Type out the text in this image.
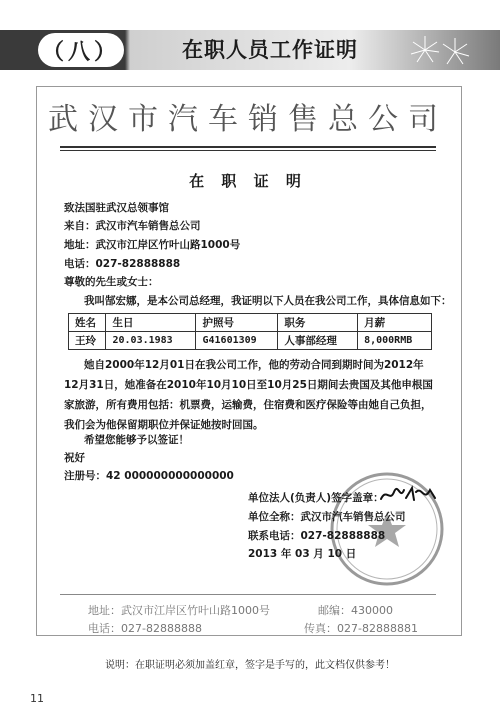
（八）	在职人员工作证明
武汉市汽车销售总公司
在 职 证 明
致法国驻武汉总领事馆
来自：武汉市汽车销售总公司
地址：武汉市江岸区竹叶山路1000号
电话：027-82888888
尊敬的先生或女士：
我叫郜宏娜，是本公司总经理，我证明以下人员在我公司工作，具体信息如下：
姓名	生日	护照号	职务	月薪
王玲	20.03.1983	G41601309	人事部经理	8,000RMB
她自2000年12月01日在我公司工作，他的劳动合同到期时间为2012年12月31日，她准备在2010年10月10日至10月25日期间去贵国及其他申根国家旅游，所有费用包括：机票费，运输费，住宿费和医疗保险等由她自己负担，我们会为他保留期职位并保证她按时回国。
希望您能够予以签证！
祝好
注册号：42 000000000000000
单位法人(负责人)签字盖章：
单位全称：武汉市汽车销售总公司
联系电话：027-82888888
2013 年 03 月 10 日
地址：武汉市江岸区竹叶山路1000号	邮编：430000
电话：027-82888888	传真：027-82888881
说明：在职证明必须加盖红章，签字是手写的，此文档仅供参考！
11
